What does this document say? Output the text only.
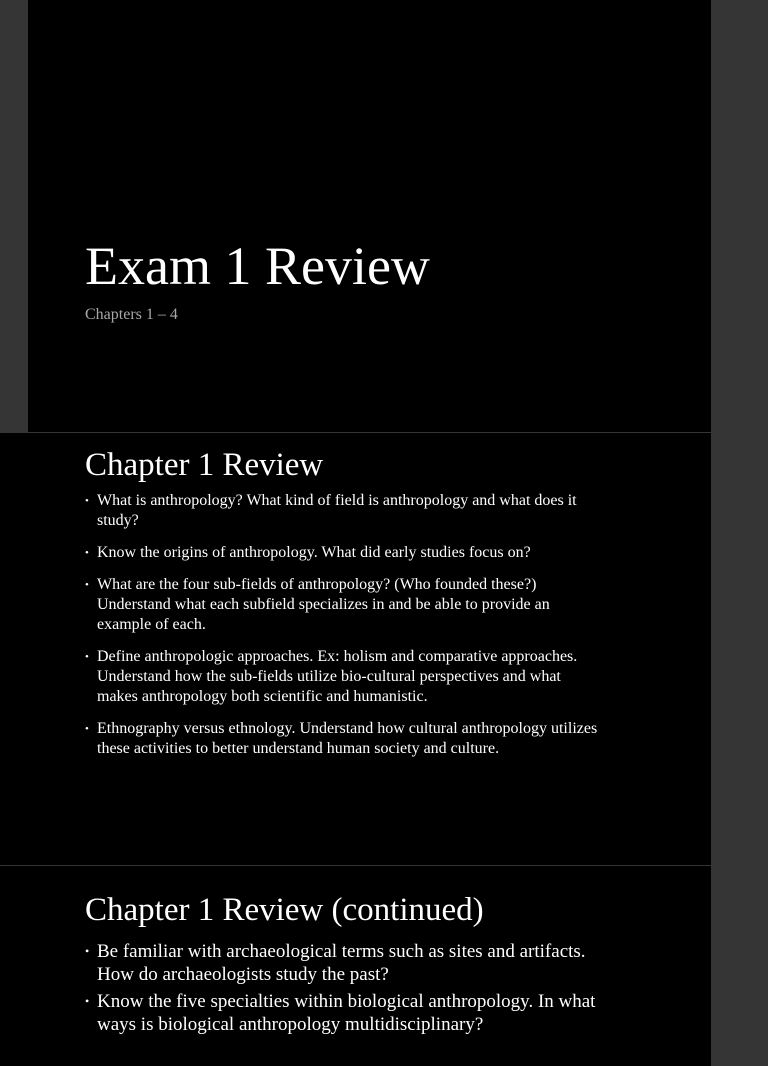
Exam 1 Review

Chapters 1 – 4

Chapter 1 Review
• What is anthropology? What kind of field is anthropology and what does it study?
• Know the origins of anthropology. What did early studies focus on?
• What are the four sub-fields of anthropology? (Who founded these?) Understand what each subfield specializes in and be able to provide an example of each.
• Define anthropologic approaches. Ex: holism and comparative approaches. Understand how the sub-fields utilize bio-cultural perspectives and what makes anthropology both scientific and humanistic.
• Ethnography versus ethnology. Understand how cultural anthropology utilizes these activities to better understand human society and culture.
Chapter 1 Review (continued)
• Be familiar with archaeological terms such as sites and artifacts. How do archaeologists study the past?
• Know the five specialties within biological anthropology. In what ways is biological anthropology multidisciplinary?
